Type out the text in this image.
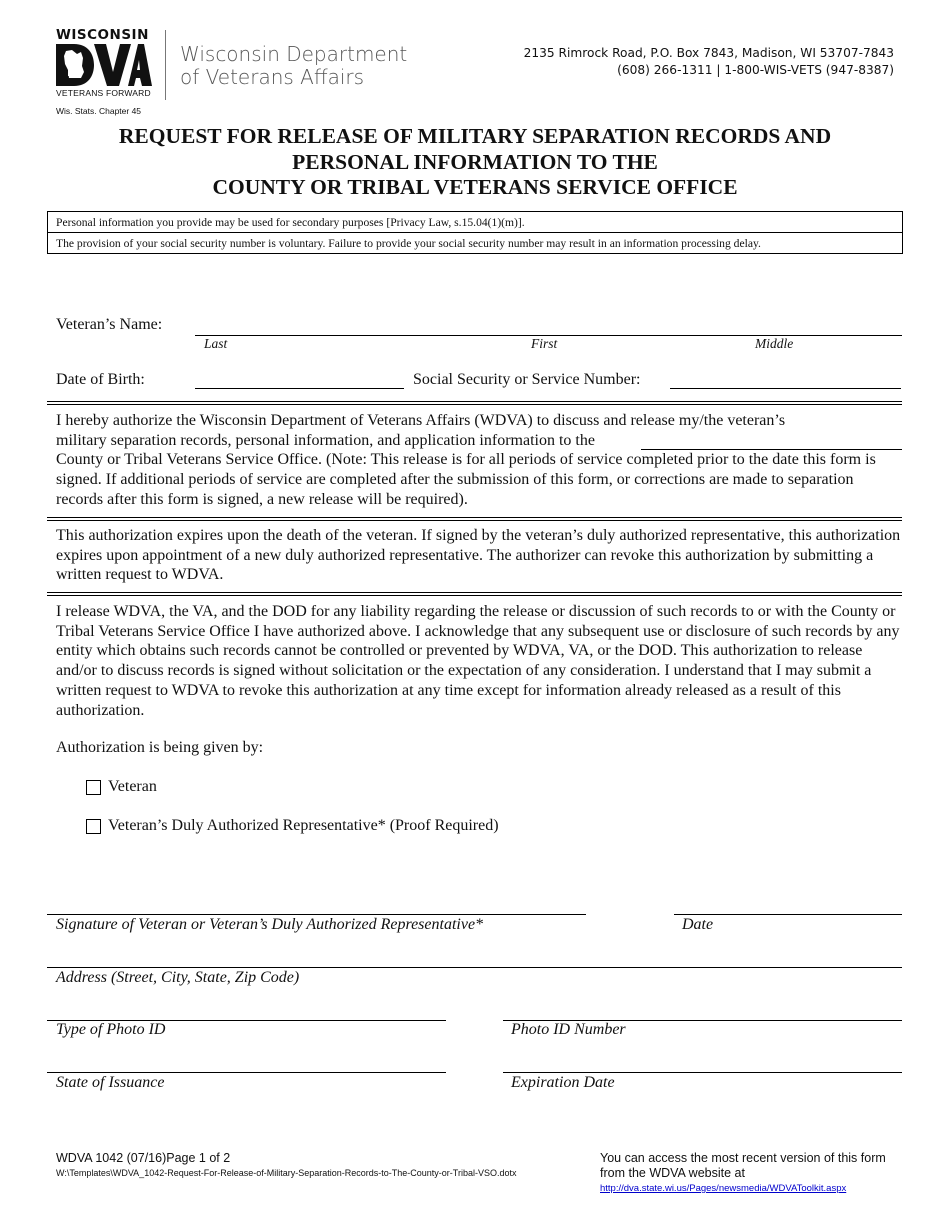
WISCONSIN
VETERANS FORWARD
Wis. Stats. Chapter 45
Wisconsin Department
of Veterans Affairs
2135 Rimrock Road, P.O. Box 7843, Madison, WI 53707-7843
(608) 266-1311 | 1-800-WIS-VETS (947-8387)
REQUEST FOR RELEASE OF MILITARY SEPARATION RECORDS AND
PERSONAL INFORMATION TO THE
COUNTY OR TRIBAL VETERANS SERVICE OFFICE
Personal information you provide may be used for secondary purposes [Privacy Law, s.15.04(1)(m)].
The provision of your social security number is voluntary. Failure to provide your social security number may result in an information processing delay.
Veteran’s Name:
Last	First	Middle
Date of Birth:	Social Security or Service Number:
I hereby authorize the Wisconsin Department of Veterans Affairs (WDVA) to discuss and release my/the veteran’s
military separation records, personal information, and application information to the
County or Tribal Veterans Service Office. (Note: This release is for all periods of service completed prior to the date this form is signed. If additional periods of service are completed after the submission of this form, or corrections are made to separation records after this form is signed, a new release will be required).
This authorization expires upon the death of the veteran. If signed by the veteran’s duly authorized representative, this authorization expires upon appointment of a new duly authorized representative. The authorizer can revoke this authorization by submitting a written request to WDVA.
I release WDVA, the VA, and the DOD for any liability regarding the release or discussion of such records to or with the County or Tribal Veterans Service Office I have authorized above. I acknowledge that any subsequent use or disclosure of such records by any entity which obtains such records cannot be controlled or prevented by WDVA, VA, or the DOD. This authorization to release and/or to discuss records is signed without solicitation or the expectation of any consideration. I understand that I may submit a written request to WDVA to revoke this authorization at any time except for information already released as a result of this authorization.
Authorization is being given by:
Veteran
Veteran’s Duly Authorized Representative* (Proof Required)
Signature of Veteran or Veteran’s Duly Authorized Representative*	Date
Address (Street, City, State, Zip Code)
Type of Photo ID	Photo ID Number
State of Issuance	Expiration Date
WDVA 1042 (07/16)Page 1 of 2
W:\Templates\WDVA_1042-Request-For-Release-of-Military-Separation-Records-to-The-County-or-Tribal-VSO.dotx
You can access the most recent version of this form
from the WDVA website at
http://dva.state.wi.us/Pages/newsmedia/WDVAToolkit.aspx
